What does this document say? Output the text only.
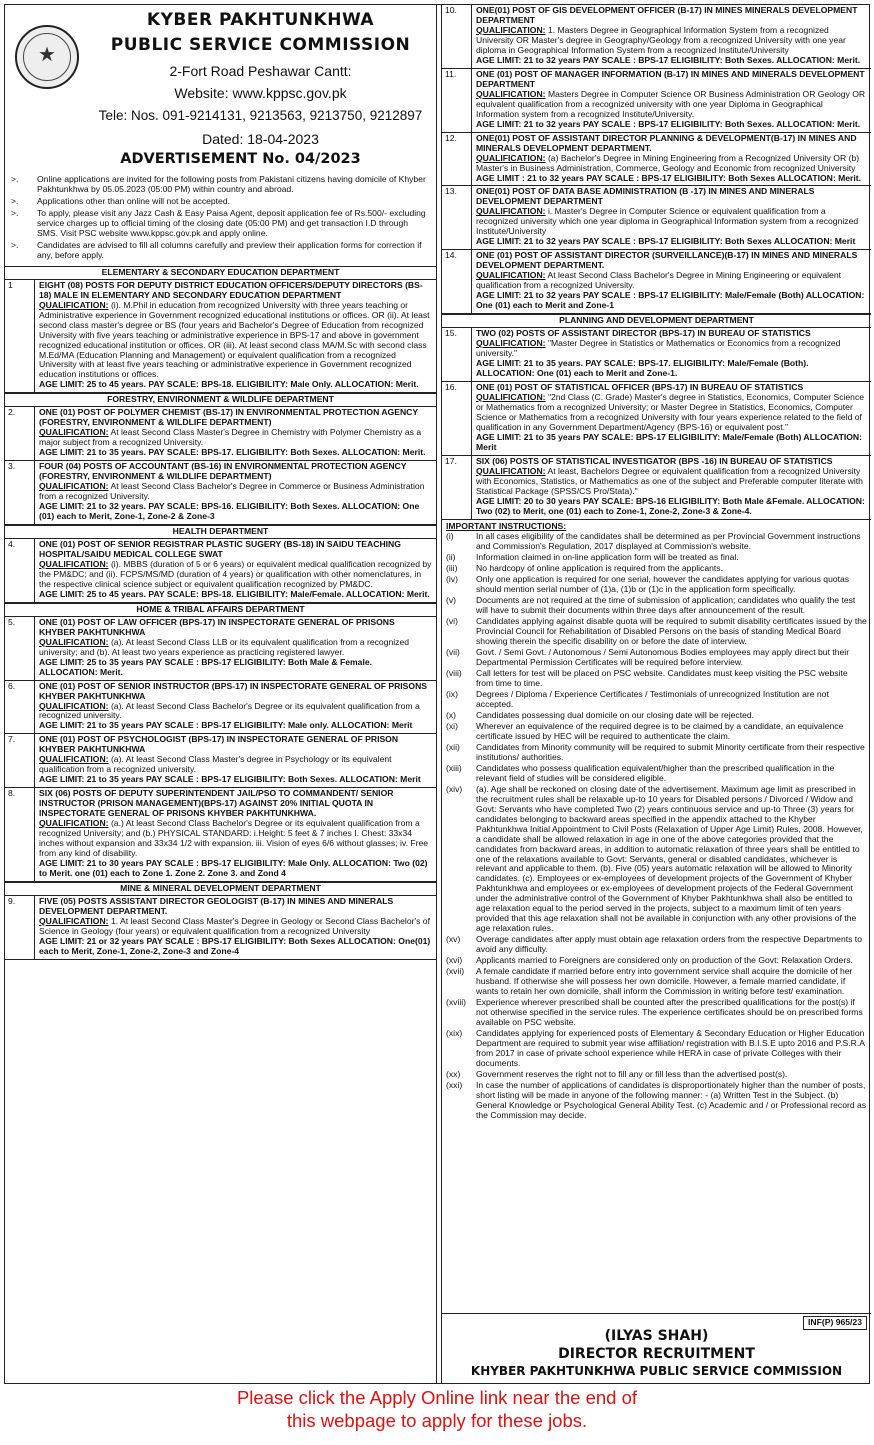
★
KYBER PAKHTUNKHWA
PUBLIC SERVICE COMMISSION
2-Fort Road Peshawar Cantt:
Website: www.kppsc.gov.pk
Tele: Nos. 091-9214131, 9213563, 9213750, 9212897
Dated: 18-04-2023
ADVERTISEMENT No. 04/2023

>. Online applications are invited for the following posts from Pakistani citizens having domicile of Khyber Pakhtunkhwa by 05.05.2023 (05:00 PM) within country and abroad.

>. Applications other than online will not be accepted.

>. To apply, please visit any Jazz Cash & Easy Paisa Agent, deposit application fee of Rs.500/- excluding service charges up to official timing of the closing date (05:00 PM) and get transaction I.D through SMS. Visit PSC website www.kppsc.gov.pk and apply online.

>. Candidates are advised to fill all columns carefully and preview their application forms for correction if any, before apply.

ELEMENTARY & SECONDARY EDUCATION DEPARTMENT
1	EIGHT (08) POSTS FOR DEPUTY DISTRICT EDUCATION OFFICERS/DEPUTY DIRECTORS (BS-18) MALE IN ELEMENTARY AND SECONDARY EDUCATION DEPARTMENT
QUALIFICATION: (i). M.Phil in education from recognized University with three years teaching or Administrative experience in Government recognized educational institutions or offices. OR (ii). At least second class master's degree or BS (four years and Bachelor's Degree of Education from recognized University with five years teaching or administrative experience in BPS-17 and above in government recognized educational institution or offices. OR (iii). At least second class MA/M.Sc with second class M.Ed/MA (Education Planning and Management) or equivalent qualification from a recognized University with at least five years teaching or administrative experience in Government recognized education institutions or offices.
AGE LIMIT: 25 to 45 years. PAY SCALE: BPS-18. ELIGIBILITY: Male Only. ALLOCATION: Merit.
FORESTRY, ENVIRONMENT & WILDLIFE DEPARTMENT
2.	ONE (01) POST OF POLYMER CHEMIST (BS-17) IN ENVIRONMENTAL PROTECTION AGENCY (FORESTRY, ENVIRONMENT & WILDLIFE DEPARTMENT)
QUALIFICATION: At least Second Class Master's Degree in Chemistry with Polymer Chemistry as a major subject from a recognized University.
AGE LIMIT: 21 to 35 years. PAY SCALE: BPS-17. ELIGIBILITY: Both Sexes. ALLOCATION: Merit.
3.	FOUR (04) POSTS OF ACCOUNTANT (BS-16) IN ENVIRONMENTAL PROTECTION AGENCY (FORESTRY, ENVIRONMENT & WILDLIFE DEPARTMENT)
QUALIFICATION: At least Second Class Bachelor's Degree in Commerce or Business Administration from a recognized University.
AGE LIMIT: 21 to 32 years. PAY SCALE: BPS-16. ELIGIBILITY: Both Sexes. ALLOCATION: One (01) each to Merit, Zone-1, Zone-2 & Zone-3
HEALTH DEPARTMENT
4.	ONE (01) POST OF SENIOR REGISTRAR PLASTIC SUGERY (BS-18) IN SAIDU TEACHING HOSPITAL/SAIDU MEDICAL COLLEGE SWAT
QUALIFICATION: (i). MBBS (duration of 5 or 6 years) or equivalent medical qualification recognized by the PM&DC; and (ii). FCPS/MS/MD (duration of 4 years) or qualification with other nomenclatures, in the respective clinical science subject or equivalent qualification recognized by PM&DC.
AGE LIMIT: 25 to 45 years. PAY SCALE: BPS-18. ELIGIBILITY: Male/Female. ALLOCATION: Merit.
HOME & TRIBAL AFFAIRS DEPARTMENT
5.	ONE (01) POST OF LAW OFFICER (BPS-17) IN INSPECTORATE GENERAL OF PRISONS KHYBER PAKHTUNKHWA
QUALIFICATION: (a). At least Second Class LLB or its equivalent qualification from a recognized university; and (b). At least two years experience as practicing registered lawyer.
AGE LIMIT: 25 to 35 years PAY SCALE : BPS-17 ELIGIBILITY: Both Male & Female. ALLOCATION: Merit.
6.	ONE (01) POST OF SENIOR INSTRUCTOR (BPS-17) IN INSPECTORATE GENERAL OF PRISONS KHYBER PAKHTUNKHWA
QUALIFICATION: (a). At least Second Class Bachelor's Degree or its equivalent qualification from a recognized university.
AGE LIMIT: 21 to 35 years PAY SCALE : BPS-17 ELIGIBILITY: Male only. ALLOCATION: Merit
7.	ONE (01) POST OF PSYCHOLOGIST (BPS-17) IN INSPECTORATE GENERAL OF PRISON KHYBER PAKHTUNKHWA
QUALIFICATION: (a). At least Second Class Master's degree in Psychology or its equivalent qualification from a recognized university.
AGE LIMIT: 21 to 35 years PAY SCALE : BPS-17 ELIGIBILITY: Both Sexes. ALLOCATION: Merit
8.	SIX (06) POSTS OF DEPUTY SUPERINTENDENT JAIL/PSO TO COMMANDENT/ SENIOR INSTRUCTOR (PRISON MANAGEMENT)(BPS-17) AGAINST 20% INITIAL QUOTA IN INSPECTORATE GENERAL OF PRISONS KHYBER PAKHTUNKHWA.
QUALIFICATION: (a.) At least Second Class Bachelor's Degree or its equivalent qualification from a recognized University; and (b.) PHYSICAL STANDARD: i.Height: 5 feet & 7 inches I. Chest: 33x34 inches without expansion and 33x34 1/2 with expansion. iii. Vision of eyes 6/6 without glasses; iv. Free from any kind of disability.
AGE LIMIT: 21 to 30 years PAY SCALE : BPS-17 ELIGIBILITY: Male Only. ALLOCATION: Two (02) to Merit. one (01) each to Zone 1. Zone 2. Zone 3. and Zond 4
MINE & MINERAL DEVELOPMENT DEPARTMENT
9.	FIVE (05) POSTS ASSISTANT DIRECTOR GEOLOGIST (B-17) IN MINES AND MINERALS DEVELOPMENT DEPARTMENT.
QUALIFICATION: 1. At least Second Class Master's Degree in Geology or Second Class Bachelor's of Science in Geology (four years) or equivalent qualification from a recognized University
AGE LIMIT: 21 or 32 years PAY SCALE : BPS-17 ELIGIBILITY: Both Sexes ALLOCATION: One(01) each to Merit, Zone-1, Zone-2, Zone-3 and Zone-4
10.	ONE(01) POST OF GIS DEVELOPMENT OFFICER (B-17) IN MINES MINERALS DEVELOPMENT DEPARTMENT
QUALIFICATION: 1. Masters Degree in Geographical Information System from a recognized University OR Master's degree in Geography/Geology from a recognized University with one year diploma in Geographical Information System from a recognized Institute/University
AGE LIMIT: 21 to 32 years PAY SCALE : BPS-17 ELIGIBILITY: Both Sexes. ALLOCATION: Merit.
11.	ONE (01) POST OF MANAGER INFORMATION (B-17) IN MINES AND MINERALS DEVELOPMENT DEPARTMENT
QUALIFICATION: Masters Degree in Computer Science OR Business Administration OR Geology OR equivalent qualification from a recognized university with one year Diploma in Geographical Information system from a recognized Institute/University.
AGE LIMIT: 21 to 32 years PAY SCALE : BPS-17 ELIGIBILITY: Both Sexes. ALLOCATION: Merit.
12.	ONE(01) POST OF ASSISTANT DIRECTOR PLANNING & DEVELOPMENT(B-17) IN MINES AND MINERALS DEVELOPMENT DEPARTMENT.
QUALIFICATION: (a) Bachelor's Degree in Mining Engineering from a Recognized University OR (b) Master's in Business Administration, Commerce, Geology and Economic from recognized University
AGE LIMIT : 21 to 32 years PAY SCALE : BPS-17 ELIGIBILITY: Both Sexes ALLOCATION: Merit.
13.	ONE(01) POST OF DATA BASE ADMINISTRATION (B -17) IN MINES AND MINERALS DEVELOPMENT DEPARTMENT
QUALIFICATION: i. Master's Degree in Computer Science or equivalent qualification from a recognized university which one year diploma in Geographical Information system from a recognized Institute/University
AGE LIMIT: 21 to 32 years PAY SCALE : BPS-17 ELIGIBILITY: Both Sexes ALLOCATION: Merit
14.	ONE (01) POST OF ASSISTANT DIRECTOR (SURVEILLANCE)(B-17) IN MINES AND MINERALS DEVELOPMENT DEPARTMENT.
QUALIFICATION: At least Second Class Bachelor's Degree in Mining Engineering or equivalent qualification from a recognized University.
AGE LIMIT: 21 to 32 years PAY SCALE : BPS-17 ELIGIBILITY: Male/Female (Both) ALLOCATION: One (01) each to Merit and Zone-1
PLANNING AND DEVELOPMENT DEPARTMENT
15.	TWO (02) POSTS OF ASSISTANT DIRECTOR (BPS-17) IN BUREAU OF STATISTICS
QUALIFICATION: "Master Degree in Statistics or Mathematics or Economics from a recognized university."
AGE LIMIT: 21 to 35 years. PAY SCALE: BPS-17. ELIGIBILITY: Male/Female (Both). ALLOCATION: One (01) each to Merit and Zone-1.
16.	ONE (01) POST OF STATISTICAL OFFICER (BPS-17) IN BUREAU OF STATISTICS
QUALIFICATION: "2nd Class (C. Grade) Master's degree in Statistics, Economics, Computer Science or Mathematics from a recognized University; or Master Degree in Statistics, Economics, Computer Science or Mathematics from a recognized University with four years experience related to the field of qualification in any Government Department/Agency (BPS-16) or equivalent post."
AGE LIMIT: 21 to 35 years PAY SCALE: BPS-17 ELIGIBILITY: Male/Female (Both) ALLOCATION: Merit
17.	SIX (06) POSTS OF STATISTICAL INVESTIGATOR (BPS -16) IN BUREAU OF STATISTICS
QUALIFICATION: At least, Bachelors Degree or equivalent qualification from a recognized University with Economics, Statistics, or Mathematics as one of the subject and Preferable computer literate with Statistical Package (SPSS/CS Pro/Stata)."
AGE LIMIT: 20 to 30 years PAY SCALE: BPS-16 ELIGIBILITY: Both Male &Female. ALLOCATION: Two (02) to Merit, one (01) each to Zone-1, Zone-2, Zone-3 & Zone-4.
IMPORTANT INSTRUCTIONS:
(i)	In all cases eligibility of the candidates shall be determined as per Provincial Government instructions and Commission's Regulation, 2017 displayed at Commission's website.
(ii) Information claimed in on-line application form will be treated as final.
(iii) No hardcopy of online application is required from the applicants.
(iv) Only one application is required for one serial, however the candidates applying for various quotas should mention serial number of (1)a, (1)b or (1)c in the application form specifically.
(v) Documents are not required at the time of submission of application; candidates who qualify the test will have to submit their documents within three days after announcement of the result.
(vi) Candidates applying against disable quota will be required to submit disability certificates issued by the Provincial Council for Rehabilitation of Disabled Persons on the basis of standing Medical Board showing therein the specific disability on or before the date of interview.
(vii) Govt. / Semi Govt. / Autonomous / Semi Autonomous Bodies employees may apply direct but their Departmental Permission Certificates will be required before interview.
(viii) Call letters for test will be placed on PSC website. Candidates must keep visiting the PSC website from time to time.
(ix) Degrees / Diploma / Experience Certificates / Testimonials of unrecognized Institution are not accepted.
(x) Candidates possessing dual domicile on our closing date will be rejected.
(xi) Wherever an equivalence of the required degree is to be claimed by a candidate, an equivalence certificate issued by HEC will be required to authenticate the claim.
(xii) Candidates from Minority community will be required to submit Minority certificate from their respective institutions/ authorities.
(xiii) Candidates who possess qualification equivalent/higher than the prescribed qualification in the relevant field of studies will be considered eligible.
(xiv) (a). Age shall be reckoned on closing date of the advertisement. Maximum age limit as prescribed in the recruitment rules shall be relaxable up-to 10 years for Disabled persons / Divorced / Widow and Govt: Servants who have completed Two (2) years continuous service and up-to Three (3) years for candidates belonging to backward areas specified in the appendix attached to the Khyber Pakhtunkhwa Initial Appointment to Civil Posts (Relaxation of Upper Age Limit) Rules, 2008. However, a candidate shall be allowed relaxation in age in one of the above categories provided that the candidates from backward areas, in addition to automatic relaxation of three years shall be entitled to one of the relaxations available to Govt: Servants, general or disabled candidates, whichever is relevant and applicable to them. (b). Five (05) years automatic relaxation will be allowed to Minority candidates. (c). Employees or ex-employees of development projects of the Government of Khyber Pakhtunkhwa and employees or ex-employees of development projects of the Federal Government under the administrative control of the Government of Khyber Pakhtunkhwa shall also be entitled to age relaxation equal to the period served in the projects, subject to a maximum limit of ten years provided that this age relaxation shall not be available in conjunction with any other provisions of the age relaxation rules.
(xv) Overage candidates after apply must obtain age relaxation orders from the respective Departments to avoid any difficulty.
(xvi) Applicants married to Foreigners are considered only on production of the Govt: Relaxation Orders.
(xvii) A female candidate if married before entry into government service shall acquire the domicile of her husband. If otherwise she will possess her own domicile. However, a female married candidate, if wants to retain her own domicile, shall inform the Commission in writing before test/ examination.
(xviii) Experience wherever prescribed shall be counted after the prescribed qualifications for the post(s) if not otherwise specified in the service rules. The experience certificates should be on prescribed forms available on PSC website.
(xix) Candidates applying for experienced posts of Elementary & Secondary Education or Higher Education Department are required to submit year wise affiliation/ registration with B.I.S.E upto 2016 and P.S.R.A from 2017 in case of private school experience while HERA in case of private Colleges with their documents.
(xx) Government reserves the right not to fill any or fill less than the advertised post(s).
(xxi) In case the number of applications of candidates is disproportionately higher than the number of posts, short listing will be made in anyone of the following manner: - (a) Written Test in the Subject. (b) General Knowledge or Psychological General Ability Test. (c) Academic and / or Professional record as the Commission may decide.
INF(P) 965/23
(ILYAS SHAH)
DIRECTOR RECRUITMENT
KHYBER PAKHTUNKHWA PUBLIC SERVICE COMMISSION
Please click the Apply Online link near the end of
this webpage to apply for these jobs.
